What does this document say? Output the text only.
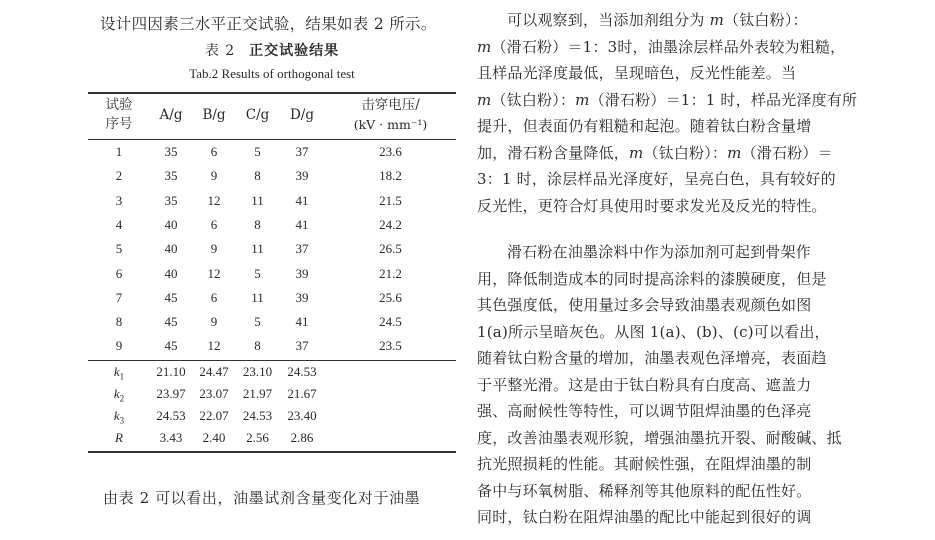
设计四因素三水平正交试验，结果如表 2 所示。
表 2 正交试验结果
Tab.2 Results of orthogonal test
试验
序号
A/g	B/g	C/g	D/g
击穿电压/
(kV · mm⁻¹)
1	35	6	5	37	23.6
2	35	9	8	39	18.2
3	35	12	11	41	21.5
4	40	6	8	41	24.2
5	40	9	11	37	26.5
6	40	12	5	39	21.2
7	45	6	11	39	25.6
8	45	9	5	41	24.5
9	45	12	8	37	23.5
$k_1$	21.10	24.47	23.10	24.53
$k_2$	23.97	23.07	21.97	21.67
$k_3$	24.53	22.07	24.53	23.40
R	3.43	2.40	2.56	2.86
由表 2 可以看出，油墨试剂含量变化对于油墨
可以观察到，当添加剂组分为 m（钛白粉）：
m（滑石粉）＝1：3时，油墨涂层样品外表较为粗糙，
且样品光泽度最低，呈现暗色，反光性能差。当
m（钛白粉）：m（滑石粉）＝1：1 时，样品光泽度有所
提升，但表面仍有粗糙和起泡。随着钛白粉含量增
加，滑石粉含量降低，m（钛白粉）：m（滑石粉）＝
3：1 时，涂层样品光泽度好，呈亮白色，具有较好的
反光性，更符合灯具使用时要求发光及反光的特性。
滑石粉在油墨涂料中作为添加剂可起到骨架作
用，降低制造成本的同时提高涂料的漆膜硬度，但是
其色强度低，使用量过多会导致油墨表观颜色如图
1(a)所示呈暗灰色。从图 1(a)、(b)、(c)可以看出，
随着钛白粉含量的增加，油墨表观色泽增亮，表面趋
于平整光滑。这是由于钛白粉具有白度高、遮盖力
强、高耐候性等特性，可以调节阻焊油墨的色泽亮
度，改善油墨表观形貌，增强油墨抗开裂、耐酸碱、抵
抗光照损耗的性能。其耐候性强，在阻焊油墨的制
备中与环氧树脂、稀释剂等其他原料的配伍性好。
同时，钛白粉在阻焊油墨的配比中能起到很好的调
